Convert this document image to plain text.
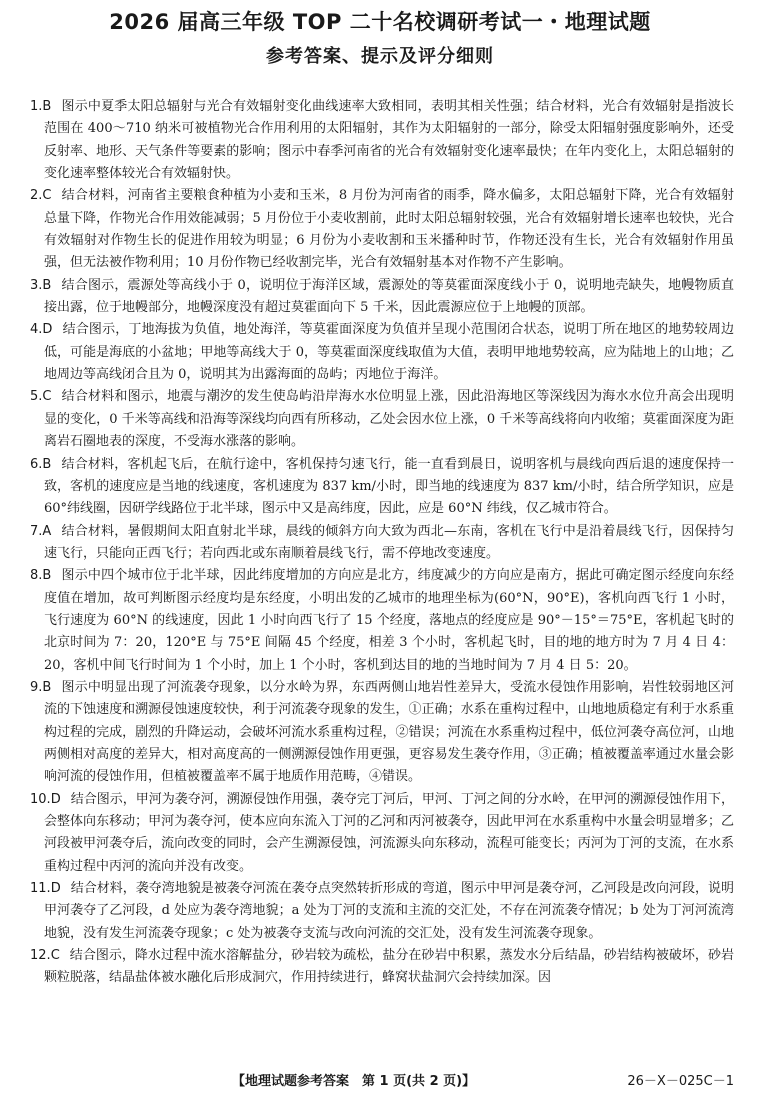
2026 届高三年级 TOP 二十名校调研考试一・地理试题
参考答案、提示及评分细则

1.B 图示中夏季太阳总辐射与光合有效辐射变化曲线速率大致相同，表明其相关性强；结合材料，光合有效辐射是指波长范围在 400～710 纳米可被植物光合作用利用的太阳辐射，其作为太阳辐射的一部分，除受太阳辐射强度影响外，还受反射率、地形、天气条件等要素的影响；图示中春季河南省的光合有效辐射变化速率最快；在年内变化上，太阳总辐射的变化速率整体较光合有效辐射快。

2.C 结合材料，河南省主要粮食种植为小麦和玉米，8 月份为河南省的雨季，降水偏多，太阳总辐射下降，光合有效辐射总量下降，作物光合作用效能减弱；5 月份位于小麦收割前，此时太阳总辐射较强，光合有效辐射增长速率也较快，光合有效辐射对作物生长的促进作用较为明显；6 月份为小麦收割和玉米播种时节，作物还没有生长，光合有效辐射作用虽强，但无法被作物利用；10 月份作物已经收割完毕，光合有效辐射基本对作物不产生影响。

3.B 结合图示，震源处等高线小于 0，说明位于海洋区域，震源处的等莫霍面深度线小于 0，说明地壳缺失，地幔物质直接出露，位于地幔部分，地幔深度没有超过莫霍面向下 5 千米，因此震源应位于上地幔的顶部。

4.D 结合图示，丁地海拔为负值，地处海洋，等莫霍面深度为负值并呈现小范围闭合状态，说明丁所在地区的地势较周边低，可能是海底的小盆地；甲地等高线大于 0，等莫霍面深度线取值为大值，表明甲地地势较高，应为陆地上的山地；乙地周边等高线闭合且为 0，说明其为出露海面的岛屿；丙地位于海洋。

5.C 结合材料和图示，地震与潮汐的发生使岛屿沿岸海水水位明显上涨，因此沿海地区等深线因为海水水位升高会出现明显的变化，0 千米等高线和沿海等深线均向西有所移动，乙处会因水位上涨，0 千米等高线将向内收缩；莫霍面深度为距离岩石圈地表的深度，不受海水涨落的影响。

6.B 结合材料，客机起飞后，在航行途中，客机保持匀速飞行，能一直看到晨日，说明客机与晨线向西后退的速度保持一致，客机的速度应是当地的线速度，客机速度为 837 km/小时，即当地的线速度为 837 km/小时，结合所学知识，应是 60°纬线圈，因研学线路位于北半球，图示中又是高纬度，因此，应是 60°N 纬线，仅乙城市符合。

7.A 结合材料，暑假期间太阳直射北半球，晨线的倾斜方向大致为西北—东南，客机在飞行中是沿着晨线飞行，因保持匀速飞行，只能向正西飞行；若向西北或东南顺着晨线飞行，需不停地改变速度。

8.B 图示中四个城市位于北半球，因此纬度增加的方向应是北方，纬度减少的方向应是南方，据此可确定图示经度向东经度值在增加，故可判断图示经度均是东经度，小明出发的乙城市的地理坐标为(60°N，90°E)，客机向西飞行 1 小时，飞行速度为 60°N 的线速度，因此 1 小时向西飞行了 15 个经度，落地点的经度应是 90°－15°＝75°E，客机起飞时的北京时间为 7：20，120°E 与 75°E 间隔 45 个经度，相差 3 个小时，客机起飞时，目的地的地方时为 7 月 4 日 4：20，客机中间飞行时间为 1 个小时，加上 1 个小时，客机到达目的地的当地时间为 7 月 4 日 5：20。

9.B 图示中明显出现了河流袭夺现象，以分水岭为界，东西两侧山地岩性差异大，受流水侵蚀作用影响，岩性较弱地区河流的下蚀速度和溯源侵蚀速度较快，利于河流袭夺现象的发生，①正确；水系在重构过程中，山地地质稳定有利于水系重构过程的完成，剧烈的升降运动，会破坏河流水系重构过程，②错误；河流在水系重构过程中，低位河袭夺高位河，山地两侧相对高度的差异大，相对高度高的一侧溯源侵蚀作用更强，更容易发生袭夺作用，③正确；植被覆盖率通过水量会影响河流的侵蚀作用，但植被覆盖率不属于地质作用范畴，④错误。

10.D 结合图示，甲河为袭夺河，溯源侵蚀作用强，袭夺完丁河后，甲河、丁河之间的分水岭，在甲河的溯源侵蚀作用下，会整体向东移动；甲河为袭夺河，使本应向东流入丁河的乙河和丙河被袭夺，因此甲河在水系重构中水量会明显增多；乙河段被甲河袭夺后，流向改变的同时，会产生溯源侵蚀，河流源头向东移动，流程可能变长；丙河为丁河的支流，在水系重构过程中丙河的流向并没有改变。

11.D 结合材料，袭夺湾地貌是被袭夺河流在袭夺点突然转折形成的弯道，图示中甲河是袭夺河，乙河段是改向河段，说明甲河袭夺了乙河段，d 处应为袭夺湾地貌；a 处为丁河的支流和主流的交汇处，不存在河流袭夺情况；b 处为丁河河流湾地貌，没有发生河流袭夺现象；c 处为被袭夺支流与改向河流的交汇处，没有发生河流袭夺现象。

12.C 结合图示，降水过程中流水溶解盐分，砂岩较为疏松，盐分在砂岩中积累，蒸发水分后结晶，砂岩结构被破坏，砂岩颗粒脱落，结晶盐体被水融化后形成洞穴，作用持续进行，蜂窝状盐洞穴会持续加深。因

【地理试题参考答案　第 1 页(共 2 页)】	26－X－025C－1
